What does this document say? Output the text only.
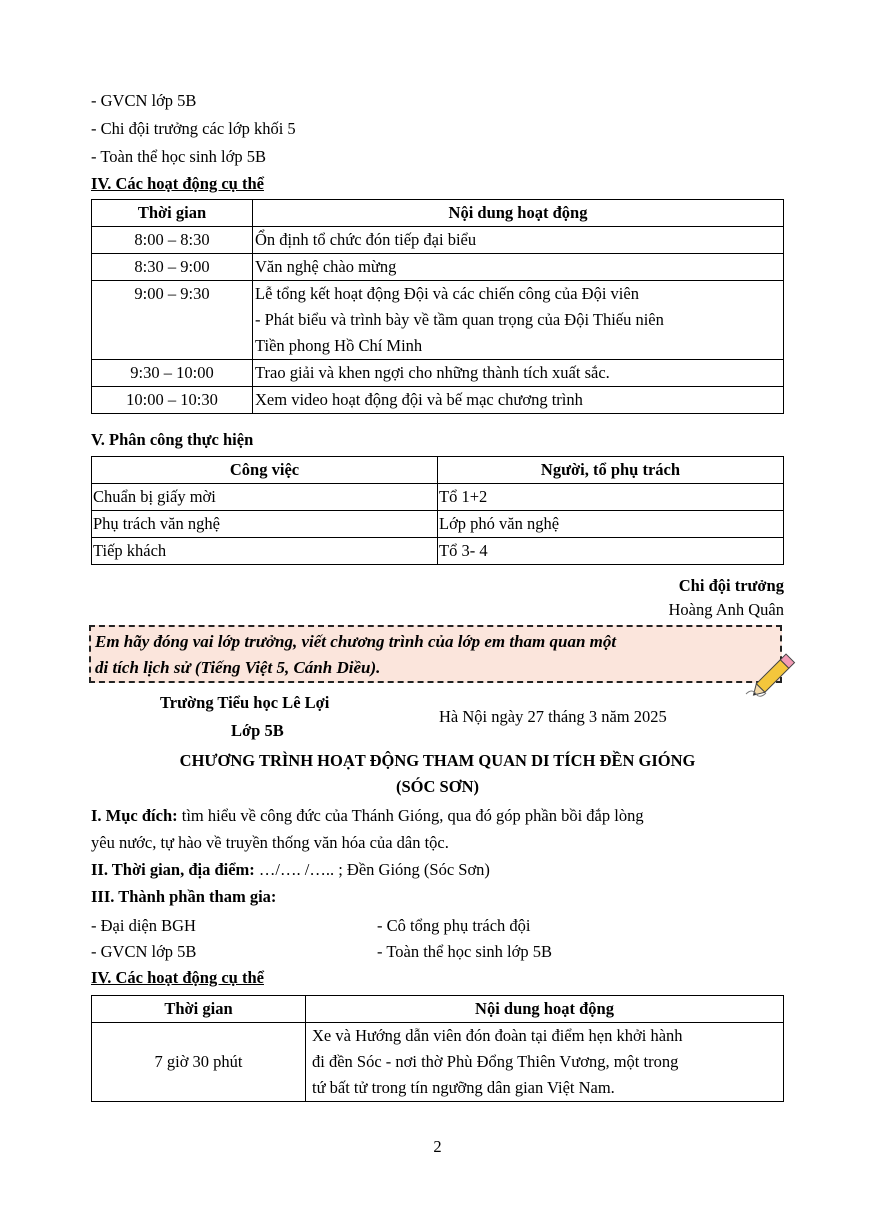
- GVCN lớp 5B
- Chi đội trưởng các lớp khối 5
- Toàn thể học sinh lớp 5B
IV. Các hoạt động cụ thể
Thời gian	Nội dung hoạt động
8:00 – 8:30	Ổn định tổ chức đón tiếp đại biểu
8:30 – 9:00	Văn nghệ chào mừng
9:00 – 9:30	Lễ tổng kết hoạt động Đội và các chiến công của Đội viên
- Phát biểu và trình bày về tầm quan trọng của Đội Thiếu niên
Tiền phong Hồ Chí Minh

9:30 – 10:00	Trao giải và khen ngợi cho những thành tích xuất sắc.
10:00 – 10:30	Xem video hoạt động đội và bế mạc chương trình
V. Phân công thực hiện
Công việc	Người, tổ phụ trách
Chuẩn bị giấy mời	Tổ 1+2
Phụ trách văn nghệ	Lớp phó văn nghệ
Tiếp khách	Tổ 3- 4
Chi đội trưởng
Hoàng Anh Quân
Em hãy đóng vai lớp trưởng, viết chương trình của lớp em tham quan một
di tích lịch sử (Tiếng Việt 5, Cánh Diều).
Trường Tiểu học Lê Lợi
Lớp 5B
Hà Nội ngày 27 tháng 3 năm 2025
CHƯƠNG TRÌNH HOẠT ĐỘNG THAM QUAN DI TÍCH ĐỀN GIÓNG
(SÓC SƠN)
I. Mục đích: tìm hiểu về công đức của Thánh Gióng, qua đó góp phần bồi đắp lòng
yêu nước, tự hào về truyền thống văn hóa của dân tộc.
II. Thời gian, địa điểm: …/…. /….. ; Đền Gióng (Sóc Sơn)
III. Thành phần tham gia:
- Đại diện BGH	- Cô tổng phụ trách đội
- GVCN lớp 5B	- Toàn thể học sinh lớp 5B
IV. Các hoạt động cụ thể
Thời gian	Nội dung hoạt động
7 giờ 30 phút	Xe và Hướng dẫn viên đón đoàn tại điểm hẹn khởi hành
đi đền Sóc - nơi thờ Phù Đổng Thiên Vương, một trong
tứ bất tử trong tín ngưỡng dân gian Việt Nam.
2
